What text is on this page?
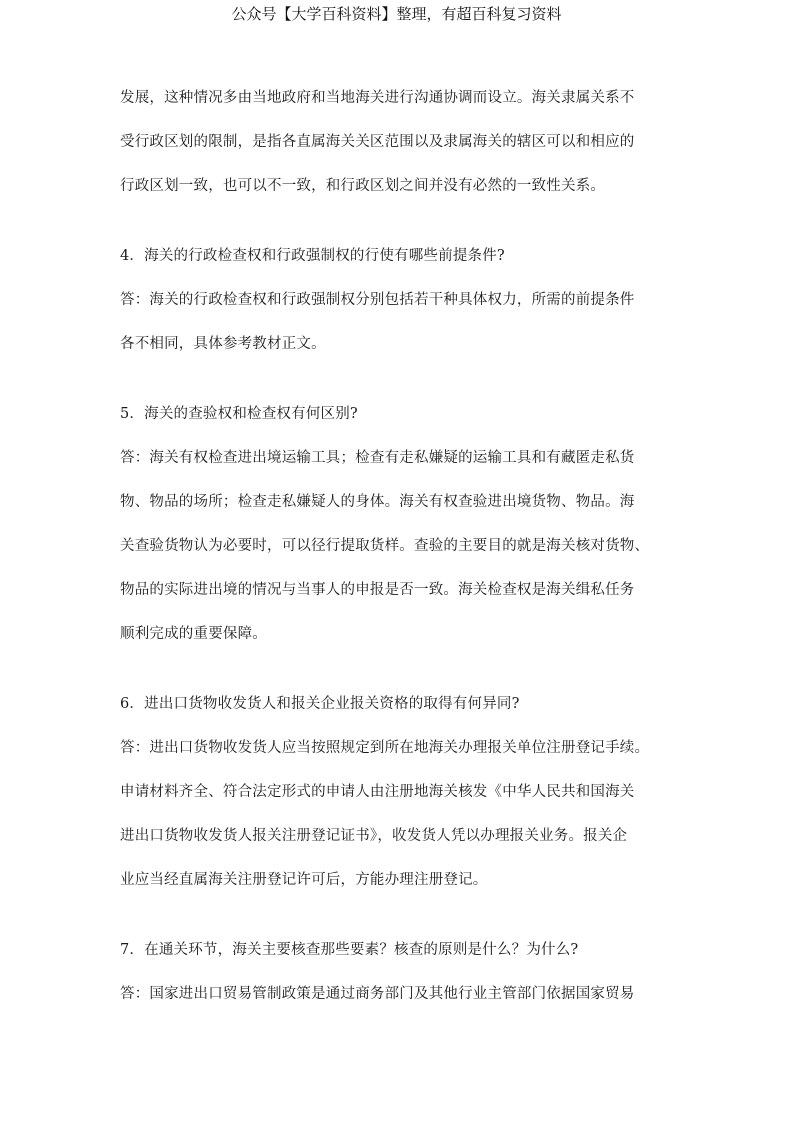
公众号【大学百科资料】整理，有超百科复习资料
发展，这种情况多由当地政府和当地海关进行沟通协调而设立。海关隶属关系不
受行政区划的限制，是指各直属海关关区范围以及隶属海关的辖区可以和相应的
行政区划一致，也可以不一致，和行政区划之间并没有必然的一致性关系。
4．海关的行政检查权和行政强制权的行使有哪些前提条件?
答：海关的行政检查权和行政强制权分别包括若干种具体权力，所需的前提条件
各不相同，具体参考教材正文。
5．海关的查验权和检查权有何区别?
答：海关有权检查进出境运输工具；检查有走私嫌疑的运输工具和有藏匿走私货
物、物品的场所；检查走私嫌疑人的身体。海关有权查验进出境货物、物品。海
关查验货物认为必要时，可以径行提取货样。查验的主要目的就是海关核对货物、
物品的实际进出境的情况与当事人的申报是否一致。海关检查权是海关缉私任务
顺利完成的重要保障。
6．进出口货物收发货人和报关企业报关资格的取得有何异同?
答：进出口货物收发货人应当按照规定到所在地海关办理报关单位注册登记手续。
申请材料齐全、符合法定形式的申请人由注册地海关核发《中华人民共和国海关
进出口货物收发货人报关注册登记证书》，收发货人凭以办理报关业务。报关企
业应当经直属海关注册登记许可后，方能办理注册登记。
7．在通关环节，海关主要核查那些要素？核查的原则是什么？为什么?
答：国家进出口贸易管制政策是通过商务部门及其他行业主管部门依据国家贸易
